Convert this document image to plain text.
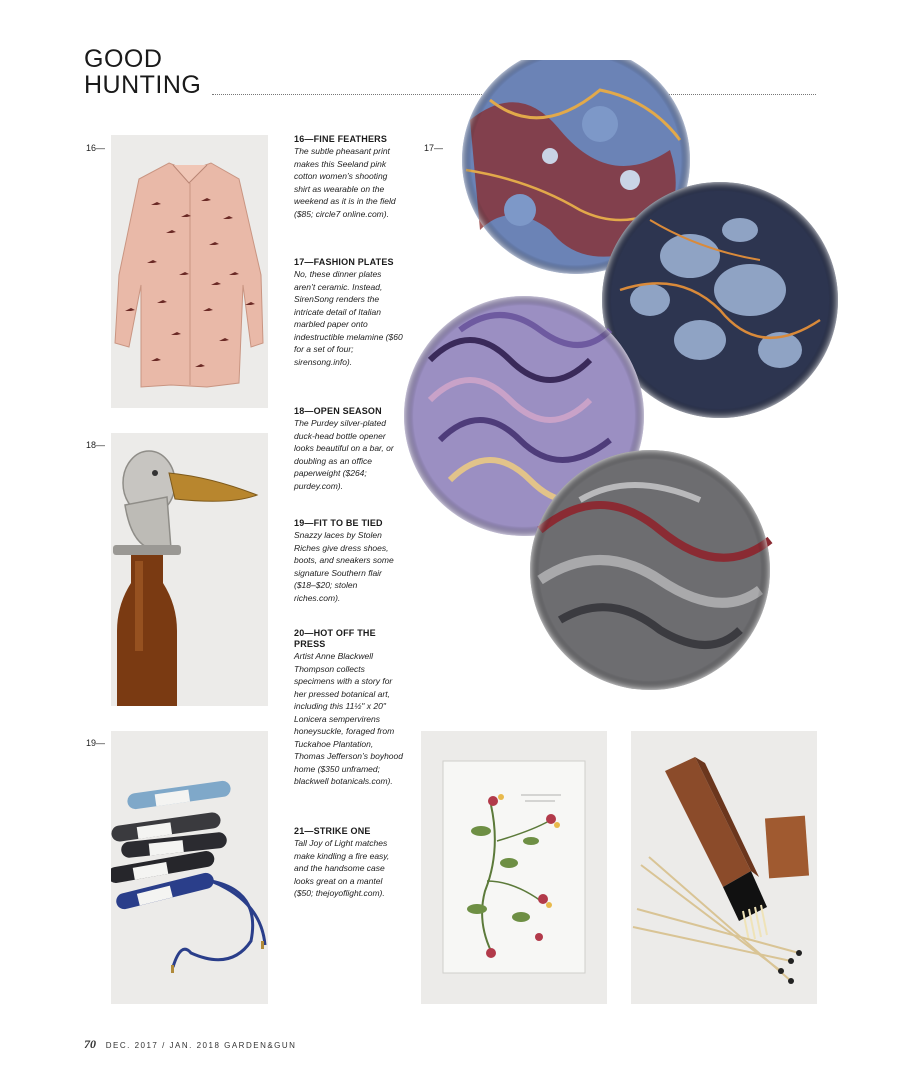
GOOD
HUNTING
16—
18—
19—
17—
16—FINE FEATHERS
The subtle pheasant print makes this Seeland pink cotton women’s shooting shirt as wearable on the weekend as it is in the field ($85; circle7 online.com).
17—FASHION PLATES
No, these dinner plates aren’t ceramic. Instead, SirenSong renders the intricate detail of Italian marbled paper onto indestructible melamine ($60 for a set of four; sirensong.info).
18—OPEN SEASON
The Purdey silver-plated duck-head bottle opener looks beautiful on a bar, or doubling as an office paperweight ($264; purdey.com).
19—FIT TO BE TIED
Snazzy laces by Stolen Riches give dress shoes, boots, and sneakers some signature Southern flair ($18–$20; stolen riches.com).
20—HOT OFF THE PRESS
Artist Anne Blackwell Thompson collects specimens with a story for her pressed botanical art, including this 11½" x 20" Lonicera sempervirens honeysuckle, foraged from Tuckahoe Plantation, Thomas Jefferson’s boyhood home ($350 unframed; blackwell botanicals.com).
21—STRIKE ONE
Tall Joy of Light matches make kindling a fire easy, and the handsome case looks great on a mantel ($50; thejoyoflight.com).
70 DEC. 2017 / JAN. 2018 GARDEN&GUN
